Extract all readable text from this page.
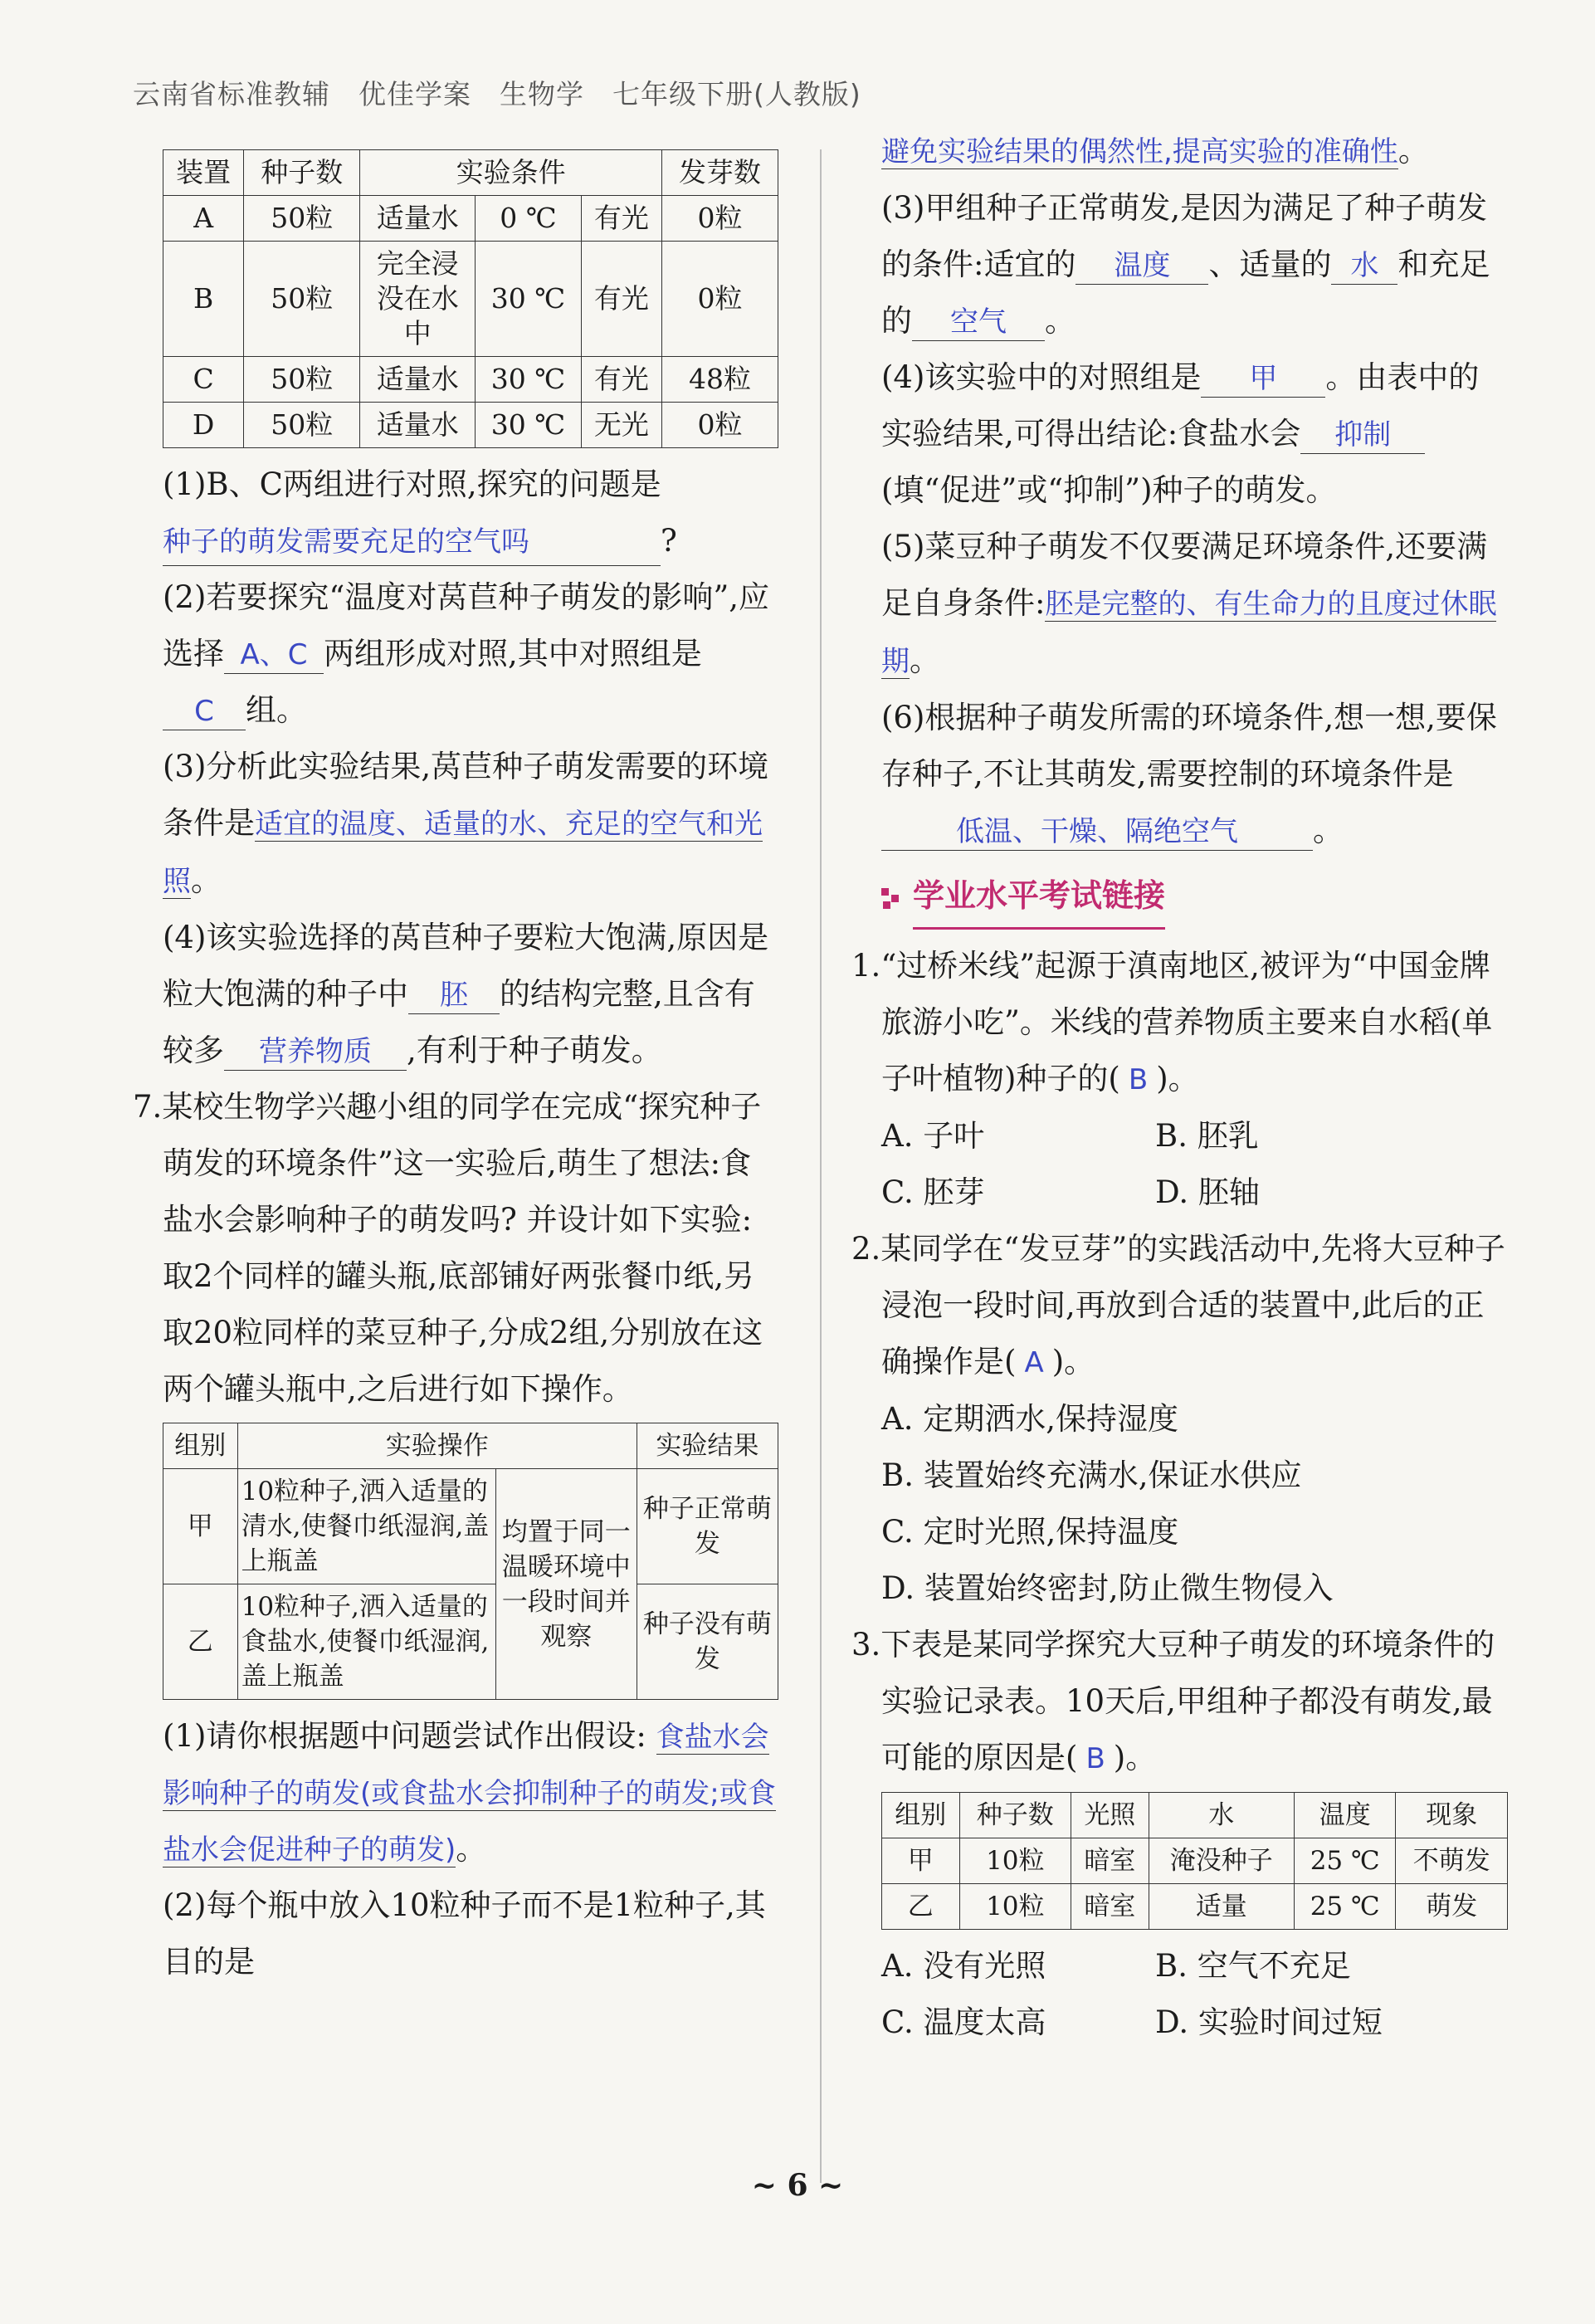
云南省标准教辅　优佳学案　生物学　七年级下册(人教版)
装置	种子数	实验条件			发芽数
A	50粒	适量水	0 ℃	有光	0粒
B	50粒	完全浸没在水中	30 ℃	有光	0粒
C	50粒	适量水	30 ℃	有光	48粒
D	50粒	适量水	30 ℃	无光	0粒

(1)B、C两组进行对照,探究的问题是 种子的萌发需要充足的空气吗	?

(2)若要探究“温度对莴苣种子萌发的影响”,应选择 A、C 两组形成对照,其中对照组是C 组。

(3)分析此实验结果,莴苣种子萌发需要的环境条件是适宜的温度、适量的水、充足的空气和光照。

(4)该实验选择的莴苣种子要粒大饱满,原因是粒大饱满的种子中 胚 的结构完整,且含有较多 营养物质 ,有利于种子萌发。

7.某校生物学兴趣小组的同学在完成“探究种子萌发的环境条件”这一实验后,萌生了想法:食盐水会影响种子的萌发吗? 并设计如下实验:取2个同样的罐头瓶,底部铺好两张餐巾纸,另取20粒同样的菜豆种子,分成2组,分别放在这两个罐头瓶中,之后进行如下操作。

组别	实验操作		实验结果
甲	10粒种子,洒入适量的清水,使餐巾纸湿润,盖上瓶盖	均置于同一温暖环境中一段时间并观察	种子正常萌发
乙	10粒种子,洒入适量的食盐水,使餐巾纸湿润,盖上瓶盖		种子没有萌发

(1)请你根据题中问题尝试作出假设: 食盐水会影响种子的萌发(或食盐水会抑制种子的萌发;或食盐水会促进种子的萌发)。

(2)每个瓶中放入10粒种子而不是1粒种子,其目的是

避免实验结果的偶然性,提高实验的准确性。

(3)甲组种子正常萌发,是因为满足了种子萌发的条件:适宜的 温度 、适量的 水 和充足的 空气 。

(4)该实验中的对照组是 甲 。由表中的实验结果,可得出结论:食盐水会 抑制(填“促进”或“抑制”)种子的萌发。

(5)菜豆种子萌发不仅要满足环境条件,还要满足自身条件:胚是完整的、有生命力的且度过休眠期。

(6)根据种子萌发所需的环境条件,想一想,要保存种子,不让其萌发,需要控制的环境条件是低温、干燥、隔绝空气 。

学业水平考试链接

1.“过桥米线”起源于滇南地区,被评为“中国金牌旅游小吃”。米线的营养物质主要来自水稻(单子叶植物)种子的( B )。

A. 子叶	B. 胚乳
C. 胚芽	D. 胚轴

2.某同学在“发豆芽”的实践活动中,先将大豆种子浸泡一段时间,再放到合适的装置中,此后的正确操作是( A )。

A. 定期洒水,保持湿度
B. 装置始终充满水,保证水供应
C. 定时光照,保持温度
D. 装置始终密封,防止微生物侵入

3.下表是某同学探究大豆种子萌发的环境条件的实验记录表。10天后,甲组种子都没有萌发,最可能的原因是( B )。

组别	种子数	光照	水	温度	现象
甲	10粒	暗室	淹没种子	25 ℃	不萌发
乙	10粒	暗室	适量	25 ℃	萌发

A. 没有光照	B. 空气不充足
C. 温度太高	D. 实验时间过短

~ 6 ~
